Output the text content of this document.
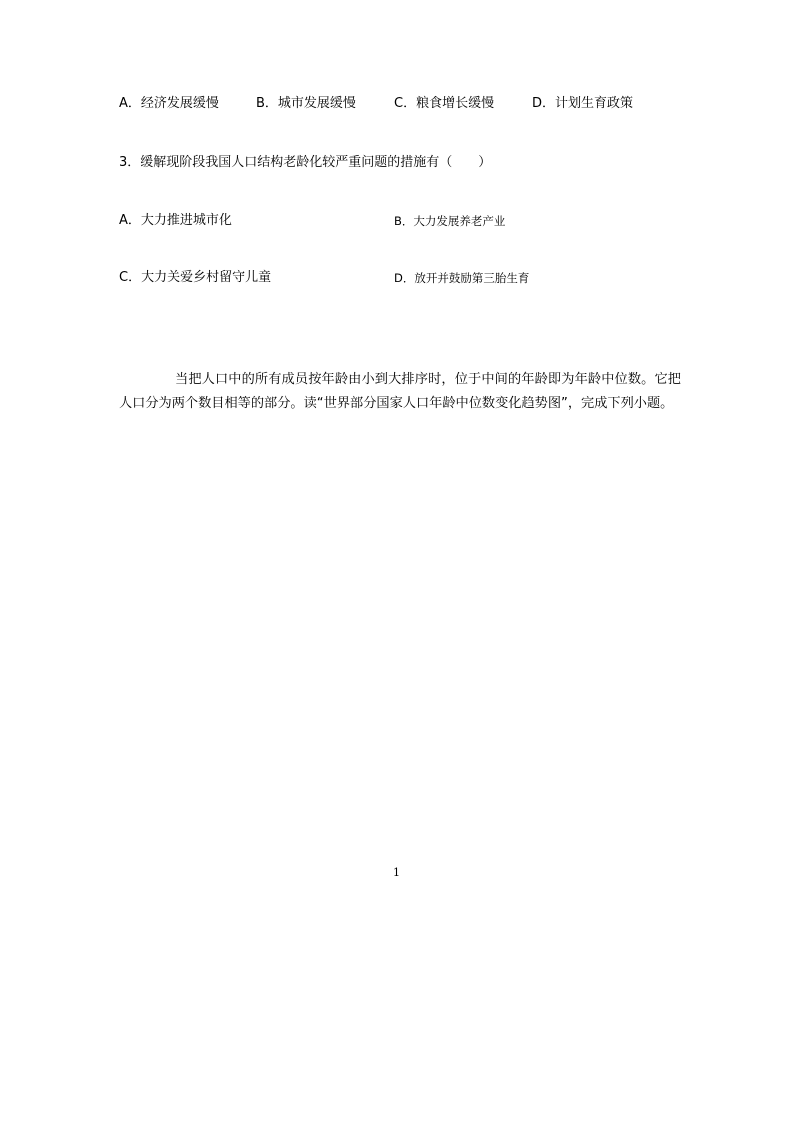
A．经济发展缓慢	B．城市发展缓慢	C．粮食增长缓慢	D．计划生育政策
3．缓解现阶段我国人口结构老龄化较严重问题的措施有（　　）
A．大力推进城市化	B．大力发展养老产业
C．大力关爱乡村留守儿童	D．放开并鼓励第三胎生育

当把人口中的所有成员按年龄由小到大排序时，位于中间的年龄即为年龄中位数。它把人口分为两个数目相等的部分。读“世界部分国家人口年龄中位数变化趋势图”，完成下列小题。

1
